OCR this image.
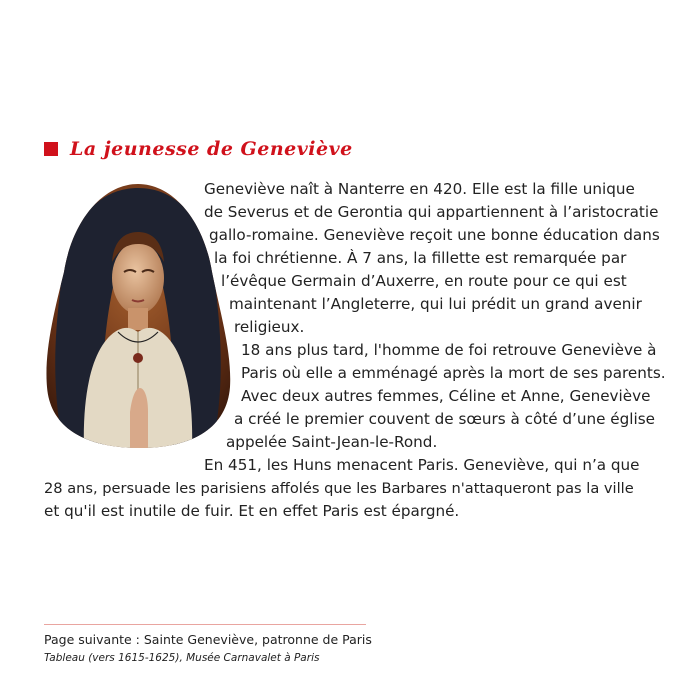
La jeunesse de Geneviève
Geneviève naît à Nanterre en 420. Elle est la fille unique
de Severus et de Gerontia qui appartiennent à l’aristocratie
gallo-romaine. Geneviève reçoit une bonne éducation dans
la foi chrétienne. À 7 ans, la fillette est remarquée par
l’évêque Germain d’Auxerre, en route pour ce qui est
maintenant l’Angleterre, qui lui prédit un grand avenir
religieux.
18 ans plus tard, l'homme de foi retrouve Geneviève à
Paris où elle a emménagé après la mort de ses parents.
Avec deux autres femmes, Céline et Anne, Geneviève
a créé le premier couvent de sœurs à côté d’une église
appelée Saint-Jean-le-Rond.
En 451, les Huns menacent Paris. Geneviève, qui n’a que
28 ans, persuade les parisiens affolés que les Barbares n'attaqueront pas la ville
et qu'il est inutile de fuir. Et en effet Paris est épargné.
Page suivante : Sainte Geneviève, patronne de Paris
Tableau (vers 1615-1625), Musée Carnavalet à Paris
